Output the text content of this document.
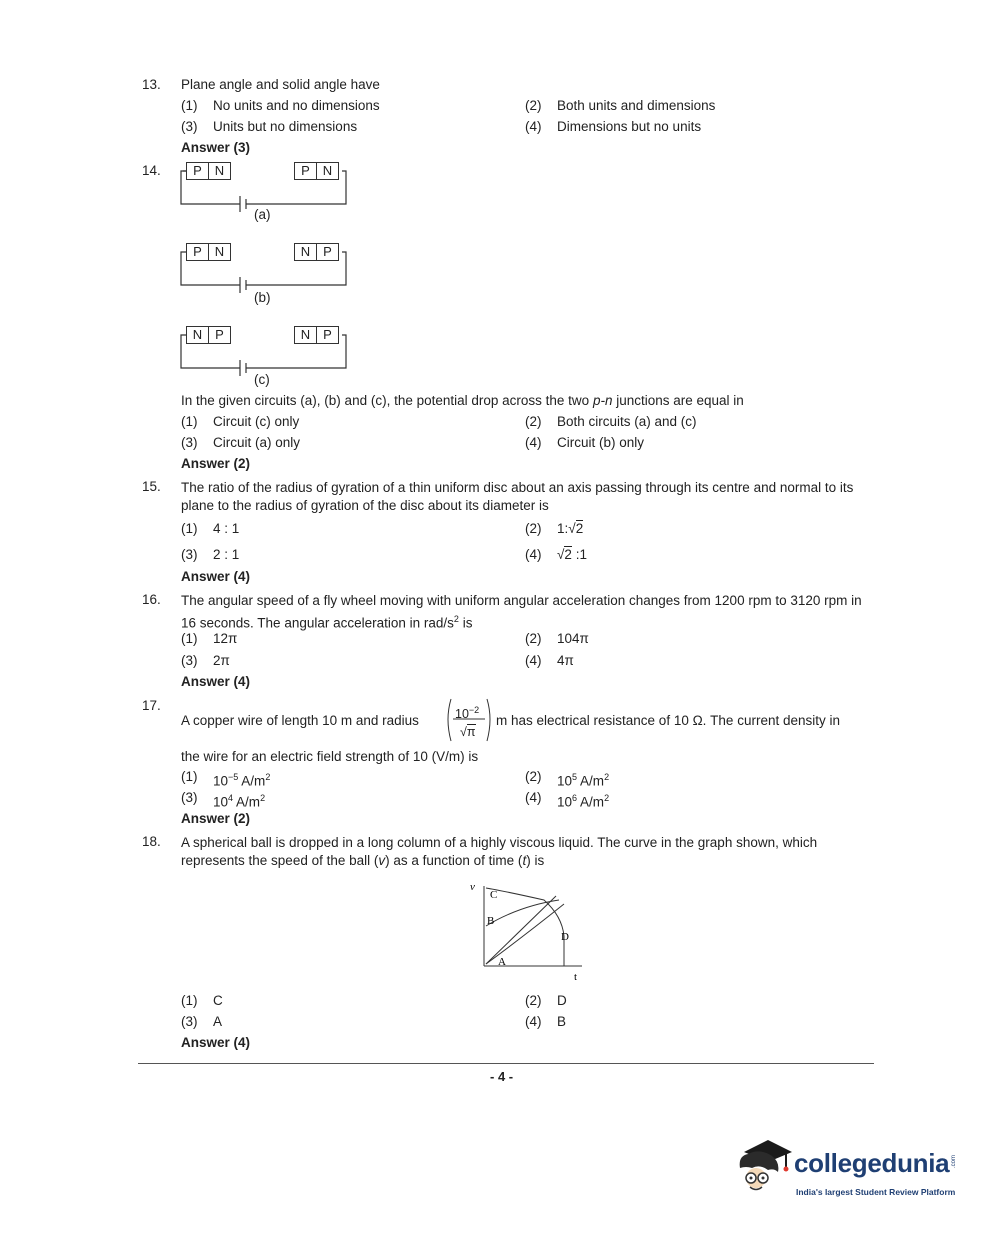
13. Plane angle and solid angle have
(1) No units and no dimensions	(2) Both units and dimensions
(3) Units but no dimensions	(4) Dimensions but no units
Answer (3)
14.	P N	P N
(a)
P N	N P
(b)
N P	N P
(c)
In the given circuits (a), (b) and (c), the potential drop across the two p-n junctions are equal in
(1) Circuit (c) only	(2) Both circuits (a) and (c)
(3) Circuit (a) only	(4) Circuit (b) only
Answer (2)
15. The ratio of the radius of gyration of a thin uniform disc about an axis passing through its centre and normal to its plane to the radius of gyration of the disc about its diameter is
(1) 4 : 1	(2) 1:√2
(3) 2 : 1	(4) √2 :1
Answer (4)
16. The angular speed of a fly wheel moving with uniform angular acceleration changes from 1200 rpm to 3120 rpm in 16 seconds. The angular acceleration in rad/$s^2$ is
(1) 12π	(2) 104π
(3) 2π	(4) 4π
Answer (4)
17.
A copper wire of length 10 m and radius	$10^{-2}$
√π
m has electrical resistance of 10 Ω. The current density in
the wire for an electric field strength of 10 (V/m) is
(1) $10^{-5}$ $A/m^2$	(2) $10^5$ $A/m^2$
(3) $10^4$ $A/m^2$	(4) $10^6$ $A/m^2$
Answer (2)
18. A spherical ball is dropped in a long column of a highly viscous liquid. The curve in the graph shown, which represents the speed of the ball (v) as a function of time (t) is
v
t
C
B
D
A
(1) C	(2) D
(3) A	(4) B
Answer (4)
- 4 -
collegedunia .com
India's largest Student Review Platform
